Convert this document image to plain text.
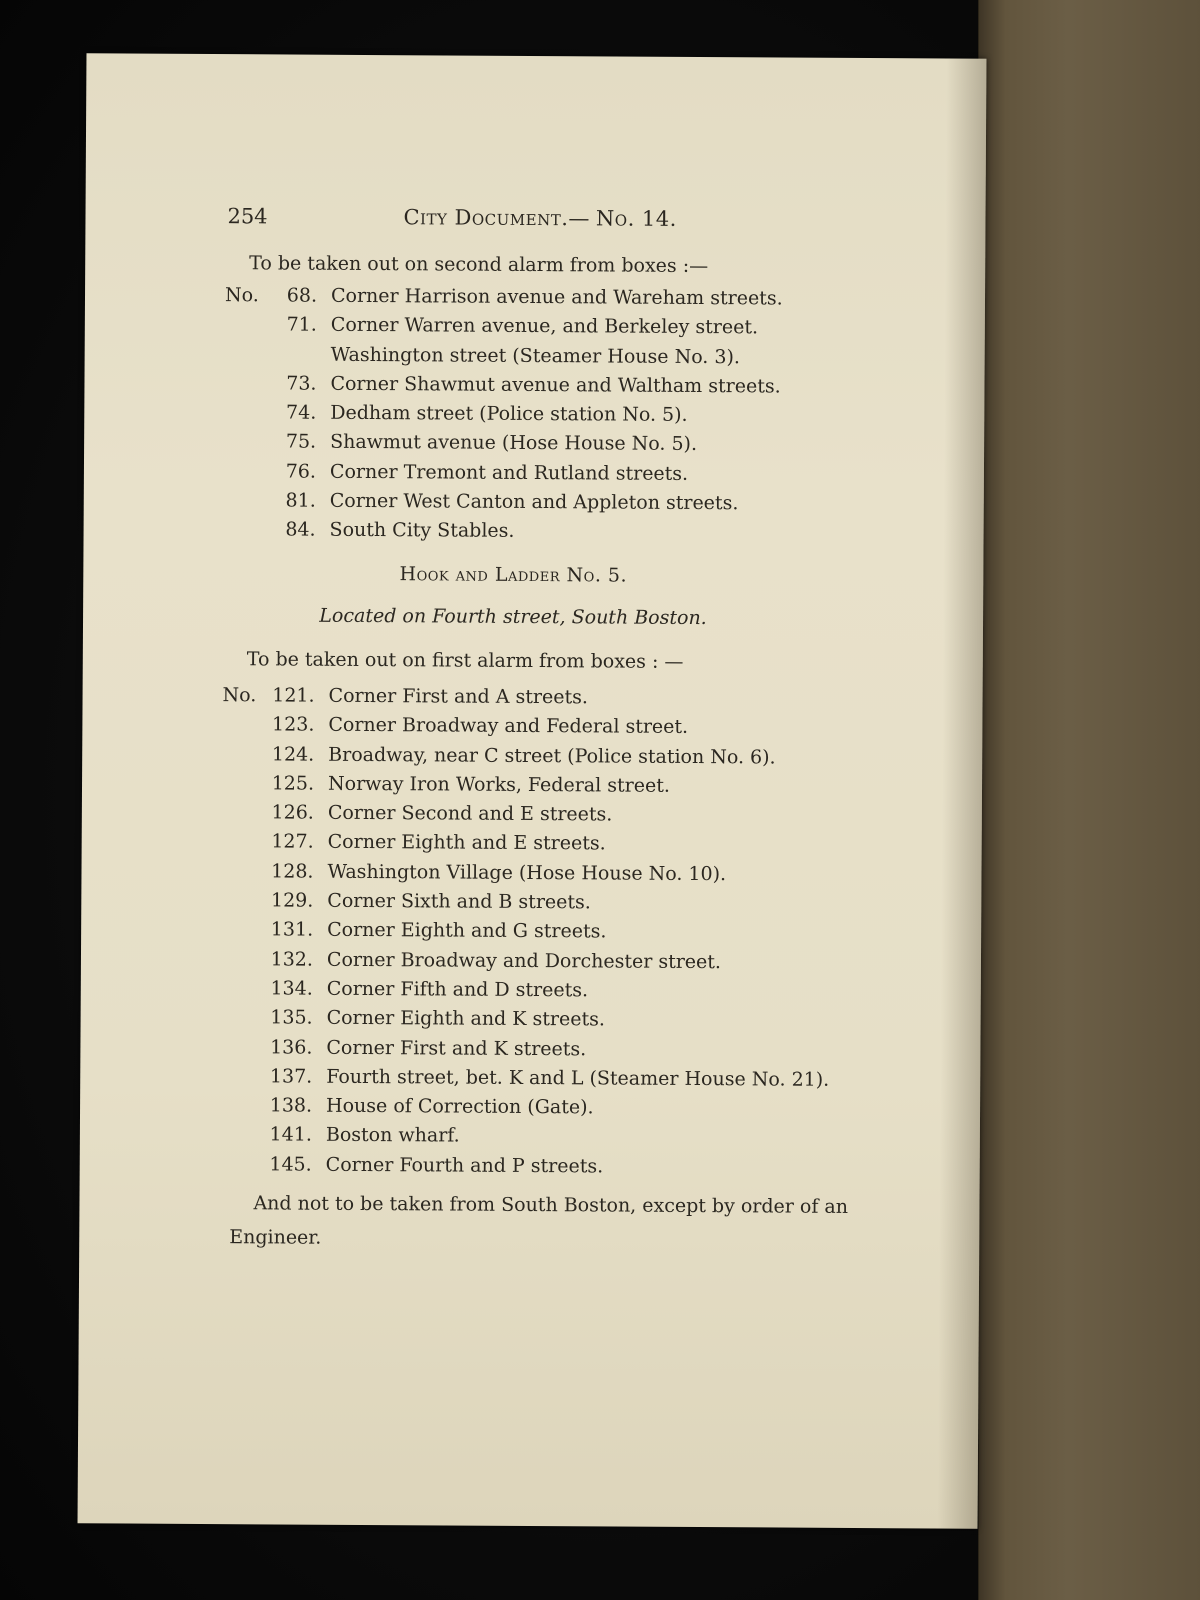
254	City Document.— No. 14.
To be taken out on second alarm from boxes :—
No.	68. Corner Harrison avenue and Wareham streets.
71. Corner Warren avenue, and Berkeley street.
Washington street (Steamer House No. 3).
73. Corner Shawmut avenue and Waltham streets.
74. Dedham street (Police station No. 5).
75. Shawmut avenue (Hose House No. 5).
76. Corner Tremont and Rutland streets.
81. Corner West Canton and Appleton streets.
84. South City Stables.
Hook and Ladder No. 5.
Located on Fourth street, South Boston.
To be taken out on first alarm from boxes : —
No. 121. Corner First and A streets.
123. Corner Broadway and Federal street.
124. Broadway, near C street (Police station No. 6).
125. Norway Iron Works, Federal street.
126. Corner Second and E streets.
127. Corner Eighth and E streets.
128. Washington Village (Hose House No. 10).
129. Corner Sixth and B streets.
131. Corner Eighth and G streets.
132. Corner Broadway and Dorchester street.
134. Corner Fifth and D streets.
135. Corner Eighth and K streets.
136. Corner First and K streets.
137. Fourth street, bet. K and L (Steamer House No. 21).
138. House of Correction (Gate).
141. Boston wharf.
145. Corner Fourth and P streets.
And not to be taken from South Boston, except by order of an Engineer.
